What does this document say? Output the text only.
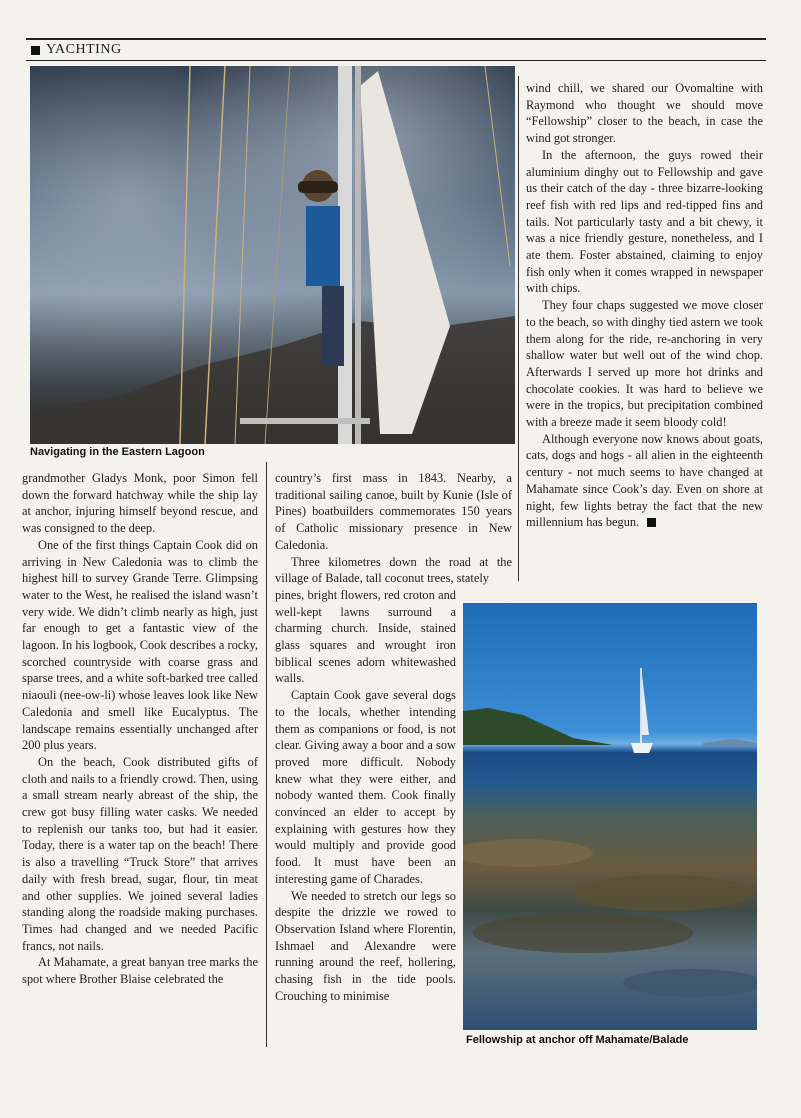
YACHTING
Navigating in the Eastern Lagoon
Fellowship at anchor off Mahamate/Balade

grandmother Gladys Monk, poor Simon fell down the forward hatchway while the ship lay at anchor, injuring himself beyond rescue, and was consigned to the deep.

One of the first things Captain Cook did on arriving in New Caledonia was to climb the highest hill to survey Grande Terre. Glimpsing water to the West, he realised the island wasn’t very wide. We didn’t climb nearly as high, just far enough to get a fantastic view of the lagoon. In his logbook, Cook describes a rocky, scorched countryside with coarse grass and sparse trees, and a white soft-barked tree called niaouli (nee-ow-li) whose leaves look like New Caledonia and smell like Eucalyptus. The landscape remains essentially unchanged after 200 plus years.

On the beach, Cook distributed gifts of cloth and nails to a friendly crowd. Then, using a small stream nearly abreast of the ship, the crew got busy filling water casks. We needed to replenish our tanks too, but had it easier. Today, there is a water tap on the beach! There is also a travelling “Truck Store” that arrives daily with fresh bread, sugar, flour, tin meat and other supplies. We joined several ladies standing along the roadside making purchases. Times had changed and we needed Pacific francs, not nails.

At Mahamate, a great banyan tree marks the spot where Brother Blaise celebrated the

country’s first mass in 1843. Nearby, a traditional sailing canoe, built by Kunie (Isle of Pines) boatbuilders commemorates 150 years of Catholic missionary presence in New Caledonia.

Three kilometres down the road at the village of Balade, tall coconut trees, stately

pines, bright flowers, red croton and well-kept lawns surround a charming church. Inside, stained glass squares and wrought iron biblical scenes adorn whitewashed walls.

Captain Cook gave several dogs to the locals, whether intending them as companions or food, is not clear. Giving away a boor and a sow proved more difficult. Nobody knew what they were either, and nobody wanted them. Cook finally convinced an elder to accept by explaining with gestures how they would multiply and provide good food. It must have been an interesting game of Charades.

We needed to stretch our legs so despite the drizzle we rowed to Observation Island where Florentin, Ishmael and Alexandre were running around the reef, hollering, chasing fish in the tide pools. Crouching to minimise

wind chill, we shared our Ovomaltine with Raymond who thought we should move “Fellowship” closer to the beach, in case the wind got stronger.

In the afternoon, the guys rowed their aluminium dinghy out to Fellowship and gave us their catch of the day - three bizarre-looking reef fish with red lips and red-tipped fins and tails. Not particularly tasty and a bit chewy, it was a nice friendly gesture, nonetheless, and I ate them. Foster abstained, claiming to enjoy fish only when it comes wrapped in newspaper with chips.

They four chaps suggested we move closer to the beach, so with dinghy tied astern we took them along for the ride, re-anchoring in very shallow water but well out of the wind chop. Afterwards I served up more hot drinks and chocolate cookies. It was hard to believe we were in the tropics, but precipitation combined with a breeze made it seem bloody cold!

Although everyone now knows about goats, cats, dogs and hogs - all alien in the eighteenth century - not much seems to have changed at Mahamate since Cook’s day. Even on shore at night, few lights betray the fact that the new millennium has begun.
